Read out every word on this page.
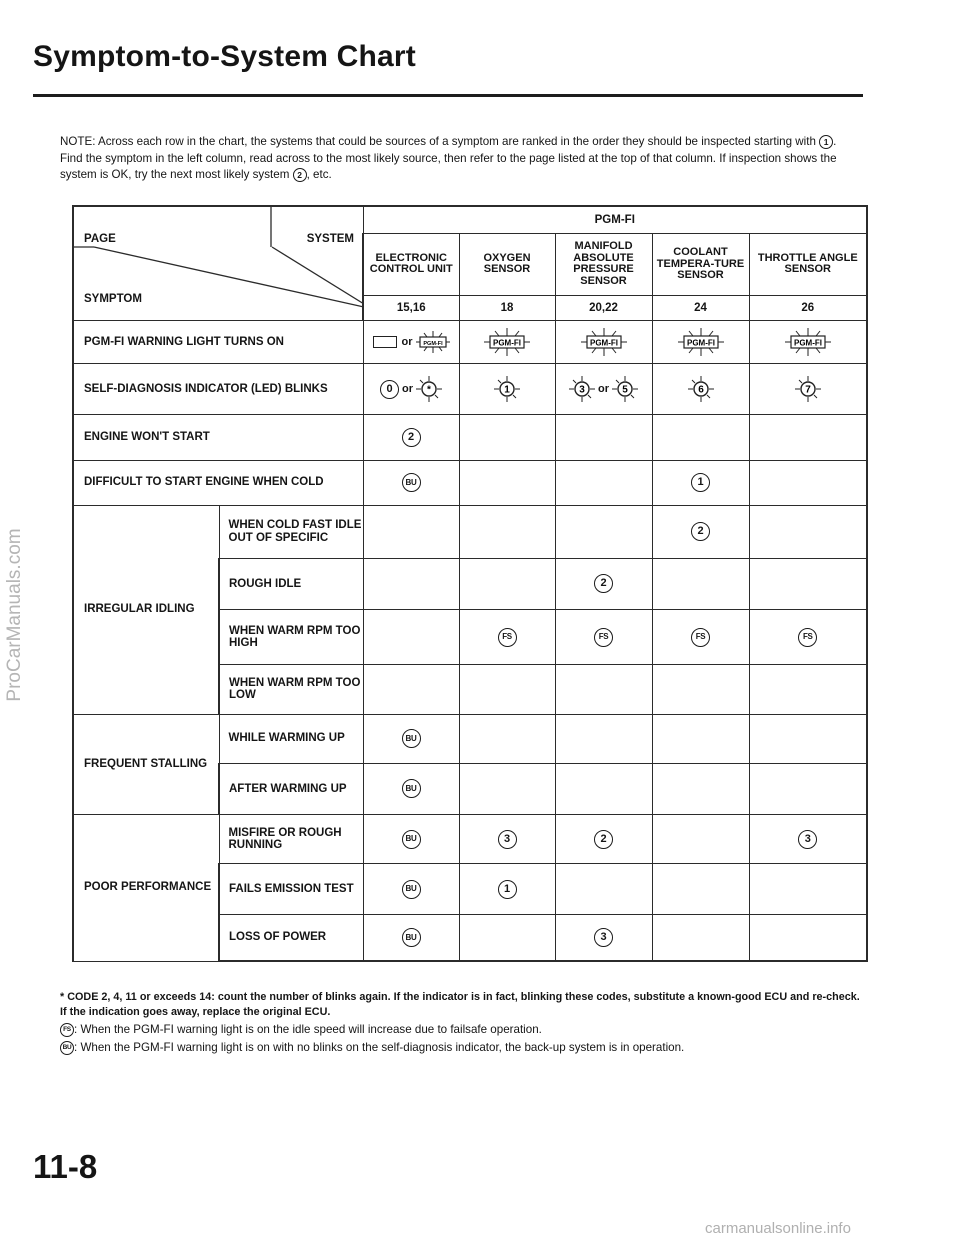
Symptom-to-System Chart
NOTE: Across each row in the chart, the systems that could be sources of a symptom are ranked in the order they should be inspected starting with 1 . Find the symptom in the left column, read across to the most likely source, then refer to the page listed at the top of that column. If inspection shows the system is OK, try the next most likely system 2 , etc.
PAGE SYSTEM
SYMPTOM		PGM-FI				
		ELECTRONIC CONTROL UNIT	OXYGEN SENSOR	MANIFOLD ABSOLUTE PRESSURE SENSOR	COOLANT TEMPERA-TURE SENSOR	THROTTLE ANGLE SENSOR
		15,16	18	20,22	24	26
PGM-FI WARNING LIGHT TURNS ON		or PGM-FI	PGM-FI	PGM-FI	PGM-FI	PGM-FI

SELF-DIAGNOSIS INDICATOR (LED) BLINKS		0 or *	1	3 or 5	6	7

ENGINE WON'T START		2				
DIFFICULT TO START ENGINE WHEN COLD		BU			1	
IRREGULAR IDLING	WHEN COLD FAST IDLE OUT OF SPECIFIC				2	
	ROUGH IDLE			2		
	WHEN WARM RPM TOO HIGH		FS	FS	FS	FS
	WHEN WARM RPM TOO LOW					
FREQUENT STALLING	WHILE WARMING UP	BU				
	AFTER WARMING UP	BU				
POOR PERFORMANCE	MISFIRE OR ROUGH RUNNING	BU	3	2		3
	FAILS EMISSION TEST	BU	1			
	LOSS OF POWER	BU		3		
* CODE 2, 4, 11 or exceeds 14: count the number of blinks again. If the indicator is in fact, blinking these codes, substitute a known-good ECU and re-check. If the indication goes away, replace the original ECU.
FS : When the PGM-FI warning light is on the idle speed will increase due to failsafe operation.
BU : When the PGM-FI warning light is on with no blinks on the self-diagnosis indicator, the back-up system is in operation.
11-8
ProCarManuals.com
carmanualsonline.info
